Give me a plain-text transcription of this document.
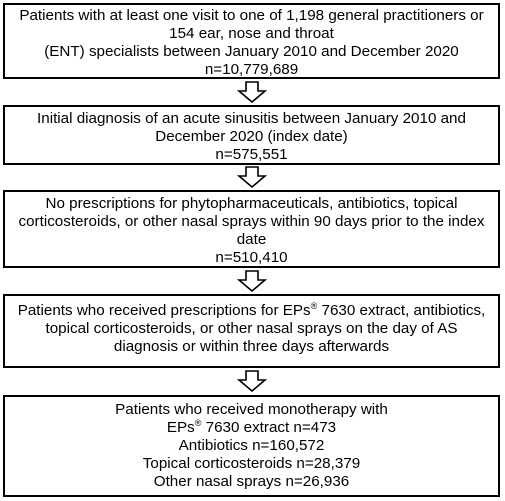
Patients with at least one visit to one of 1,198 general practitioners or
154 ear, nose and throat
(ENT) specialists between January 2010 and December 2020
n=10,779,689
Initial diagnosis of an acute sinusitis between January 2010 and
December 2020 (index date)
n=575,551
No prescriptions for phytopharmaceuticals, antibiotics, topical
corticosteroids, or other nasal sprays within 90 days prior to the index
date
n=510,410
Patients who received prescriptions for EPs® 7630 extract, antibiotics,
topical corticosteroids, or other nasal sprays on the day of AS
diagnosis or within three days afterwards
Patients who received monotherapy with
EPs® 7630 extract n=473
Antibiotics n=160,572
Topical corticosteroids n=28,379
Other nasal sprays n=26,936
